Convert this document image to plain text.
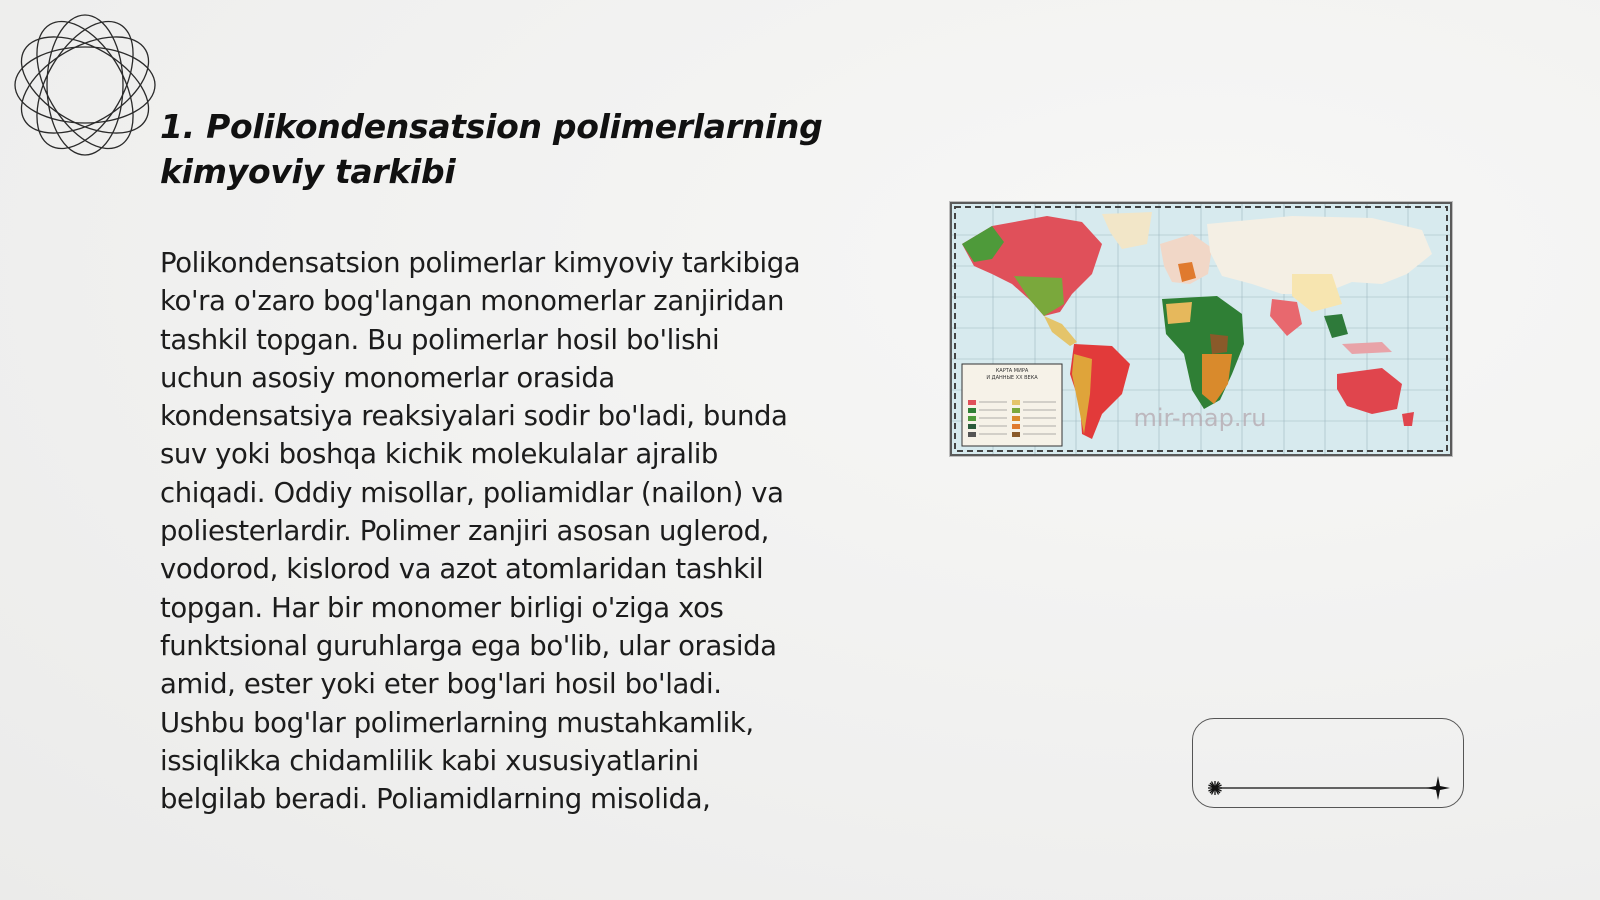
1. Polikondensatsion polimerlarning kimyoviy tarkibi

Polikondensatsion polimerlar kimyoviy tarkibiga ko'ra o'zaro bog'langan monomerlar zanjiridan tashkil topgan. Bu polimerlar hosil bo'lishi uchun asosiy monomerlar orasida kondensatsiya reaksiyalari sodir bo'ladi, bunda suv yoki boshqa kichik molekulalar ajralib chiqadi. Oddiy misollar, poliamidlar (nailon) va poliesterlardir. Polimer zanjiri asosan uglerod, vodorod, kislorod va azot atomlaridan tashkil topgan. Har bir monomer birligi o'ziga xos funktsional guruhlarga ega bo'lib, ular orasida amid, ester yoki eter bog'lari hosil bo'ladi. Ushbu bog'lar polimerlarning mustahkamlik, issiqlikka chidamlilik kabi xususiyatlarini belgilab beradi. Poliamidlarning misolida,

КАРТА МИРА
И ДАННЫЕ XX ВЕКА
mir-map.ru
